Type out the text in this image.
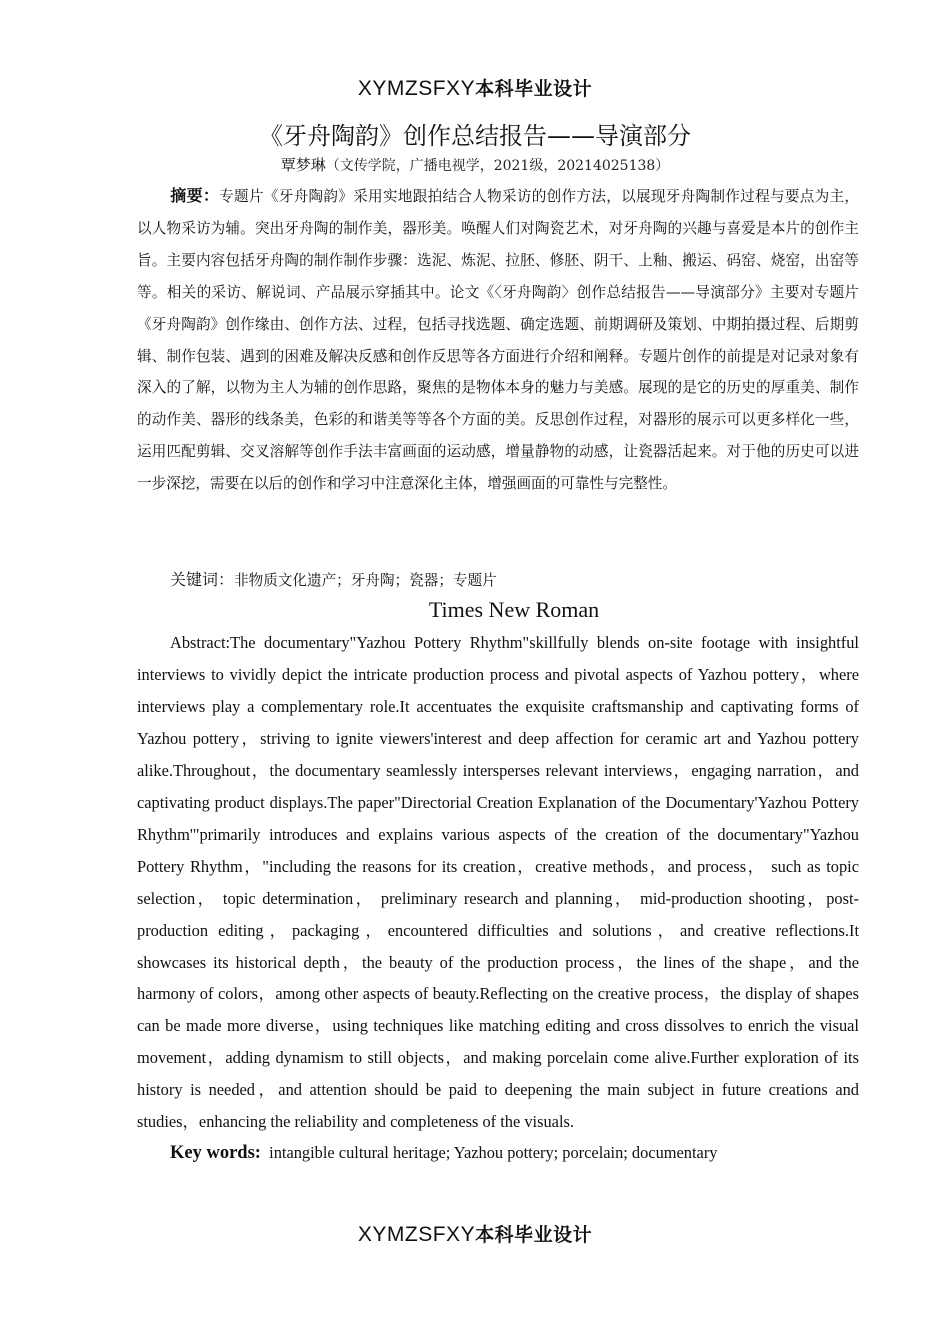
XYMZSFXY本科毕业设计
《牙舟陶韵》创作总结报告——导演部分
覃梦琳（文传学院，广播电视学，2021级，20214025138）
摘要：专题片《牙舟陶韵》采用实地跟拍结合人物采访的创作方法，以展现牙舟陶制作过程与要点为主，以人物采访为辅。突出牙舟陶的制作美，器形美。唤醒人们对陶瓷艺术，对牙舟陶的兴趣与喜爱是本片的创作主旨。主要内容包括牙舟陶的制作制作步骤：选泥、炼泥、拉胚、修胚、阴干、上釉、搬运、码窑、烧窑，出窑等等。相关的采访、解说词、产品展示穿插其中。论文《〈牙舟陶韵〉创作总结报告——导演部分》主要对专题片《牙舟陶韵》创作缘由、创作方法、过程，包括寻找选题、确定选题、前期调研及策划、中期拍摄过程、后期剪辑、制作包装、遇到的困难及解决反感和创作反思等各方面进行介绍和阐释。专题片创作的前提是对记录对象有深入的了解，以物为主人为辅的创作思路，聚焦的是物体本身的魅力与美感。展现的是它的历史的厚重美、制作的动作美、器形的线条美，色彩的和谐美等等各个方面的美。反思创作过程，对器形的展示可以更多样化一些，运用匹配剪辑、交叉溶解等创作手法丰富画面的运动感，增量静物的动感，让瓷器活起来。对于他的历史可以进一步深挖，需要在以后的创作和学习中注意深化主体，增强画面的可靠性与完整性。
关键词：非物质文化遗产；牙舟陶；瓷器；专题片
Times New Roman
Abstract:The documentary"Yazhou Pottery Rhythm"skillfully blends on-site footage with insightful interviews to vividly depict the intricate production process and pivotal aspects of Yazhou pottery，where interviews play a complementary role.It accentuates the exquisite craftsmanship and captivating forms of Yazhou pottery，striving to ignite viewers'interest and deep affection for ceramic art and Yazhou pottery alike.Throughout，the documentary seamlessly intersperses relevant interviews，engaging narration，and captivating product displays.The paper"Directorial Creation Explanation of the Documentary'Yazhou Pottery Rhythm'"primarily introduces and explains various aspects of the creation of the documentary"Yazhou Pottery Rhythm，"including the reasons for its creation，creative methods，and process， such as topic selection， topic determination， preliminary research and planning， mid-production shooting，post-production editing，packaging，encountered difficulties and solutions，and creative reflections.It showcases its historical depth，the beauty of the production process，the lines of the shape，and the harmony of colors，among other aspects of beauty.Reflecting on the creative process，the display of shapes can be made more diverse，using techniques like matching editing and cross dissolves to enrich the visual movement，adding dynamism to still objects，and making porcelain come alive.Further exploration of its history is needed，and attention should be paid to deepening the main subject in future creations and studies，enhancing the reliability and completeness of the visuals.
Key words: intangible cultural heritage; Yazhou pottery; porcelain; documentary
XYMZSFXY本科毕业设计
